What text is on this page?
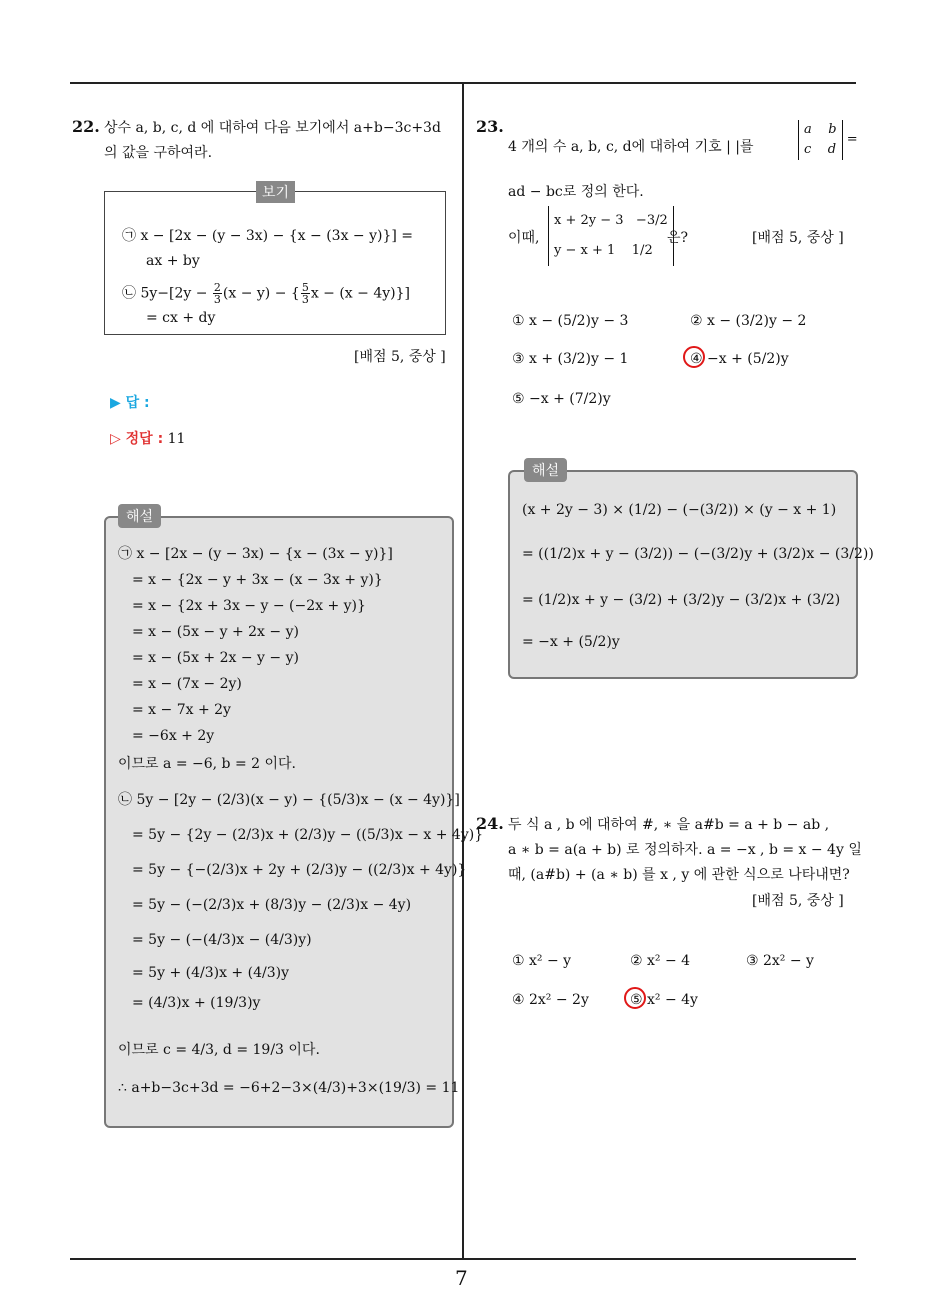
22. 상수 a, b, c, d 에 대하여 다음 보기에서 a+b−3c+3d
의 값을 구하여라.
보기
㉠ x − [2x − (y − 3x) − {x − (3x − y)}] =
ax + by
㉡ $5y-[2y - \frac{2}{3} (x - y)$ − { $\frac{5}{3}$ x − (x − 4y)}]
= cx + dy
[배점 5, 중상 ]
▶ 답 :
▷ 정답 : 11
해설
㉠ x − [2x − (y − 3x) − {x − (3x − y)}]
= x − {2x − y + 3x − (x − 3x + y)}
= x − {2x + 3x − y − (−2x + y)}
= x − (5x − y + 2x − y)
= x − (5x + 2x − y − y)
= x − (7x − 2y)
= x − 7x + 2y
= −6x + 2y
이므로 a = −6, b = 2 이다.
㉡ 5y − [2y − (2/3)(x − y) − {(5/3)x − (x − 4y)}]
= 5y − {2y − (2/3)x + (2/3)y − ((5/3)x − x + 4y)}
= 5y − {−(2/3)x + 2y + (2/3)y − ((2/3)x + 4y)}
= 5y − (−(2/3)x + (8/3)y − (2/3)x − 4y)
= 5y − (−(4/3)x − (4/3)y)
= 5y + (4/3)x + (4/3)y
= (4/3)x + (19/3)y
이므로 c = 4/3, d = 19/3 이다.
∴ a+b−3c+3d = −6+2−3×(4/3)+3×(19/3) = 11
23.
4 개의 수 a, b, c, d에 대하여 기호 | |를
a    b
c    d =
ad − bc로 정의 한다.
이때,
x + 2y − 3   −3/2
y − x + 1    1/2
은?	[배점 5, 중상 ]
① x − (5/2)y − 3	② x − (3/2)y − 2
③ x + (3/2)y − 1	④ −x + (5/2)y
⑤ −x + (7/2)y
해설
(x + 2y − 3) × (1/2) − (−(3/2)) × (y − x + 1)
= ((1/2)x + y − (3/2)) − (−(3/2)y + (3/2)x − (3/2))
= (1/2)x + y − (3/2) + (3/2)y − (3/2)x + (3/2)
= −x + (5/2)y
24. 두 식 a , b 에 대하여 #, ∗ 을 a#b = a + b − ab ,
a ∗ b = a(a + b) 로 정의하자. a = −x , b = x − 4y 일
때, (a#b) + (a ∗ b) 를 x , y 에 관한 식으로 나타내면?
[배점 5, 중상 ]
① x² − y	② x² − 4	③ 2x² − y
④ 2x² − 2y	⑤ x² − 4y
7
